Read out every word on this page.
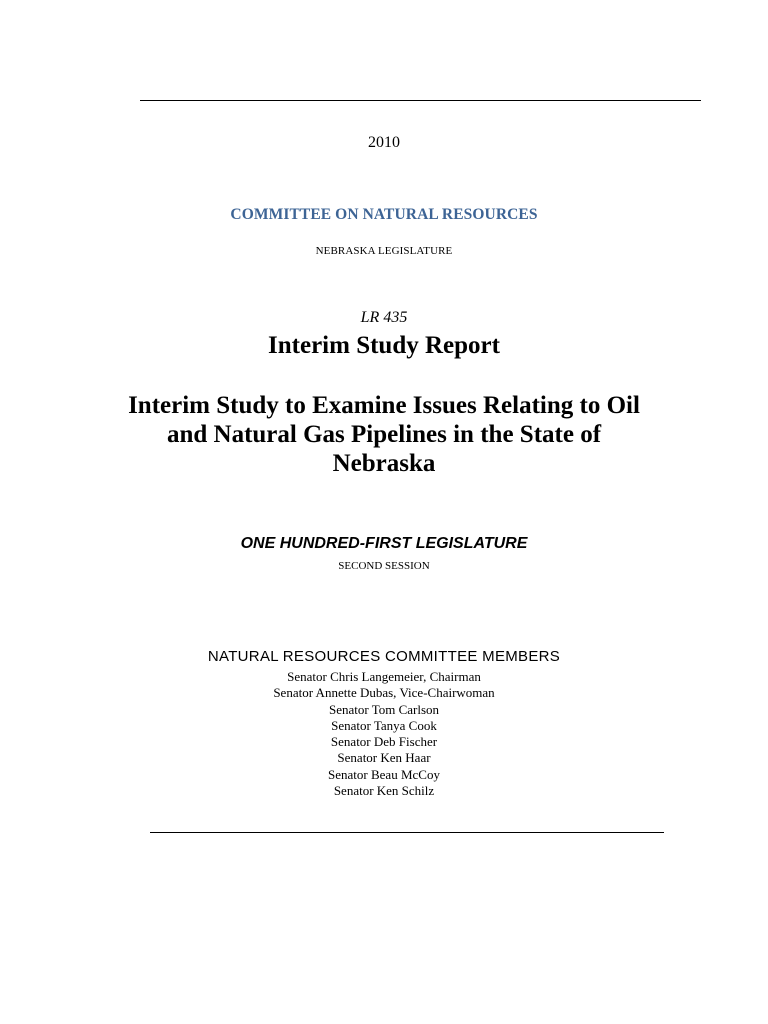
2010
COMMITTEE ON NATURAL RESOURCES
NEBRASKA LEGISLATURE
LR 435
Interim Study Report
Interim Study to Examine Issues Relating to Oil
and Natural Gas Pipelines in the State of
Nebraska
ONE HUNDRED-FIRST LEGISLATURE
SECOND SESSION
NATURAL RESOURCES COMMITTEE MEMBERS
Senator Chris Langemeier, Chairman
Senator Annette Dubas, Vice-Chairwoman
Senator Tom Carlson
Senator Tanya Cook
Senator Deb Fischer
Senator Ken Haar
Senator Beau McCoy
Senator Ken Schilz
